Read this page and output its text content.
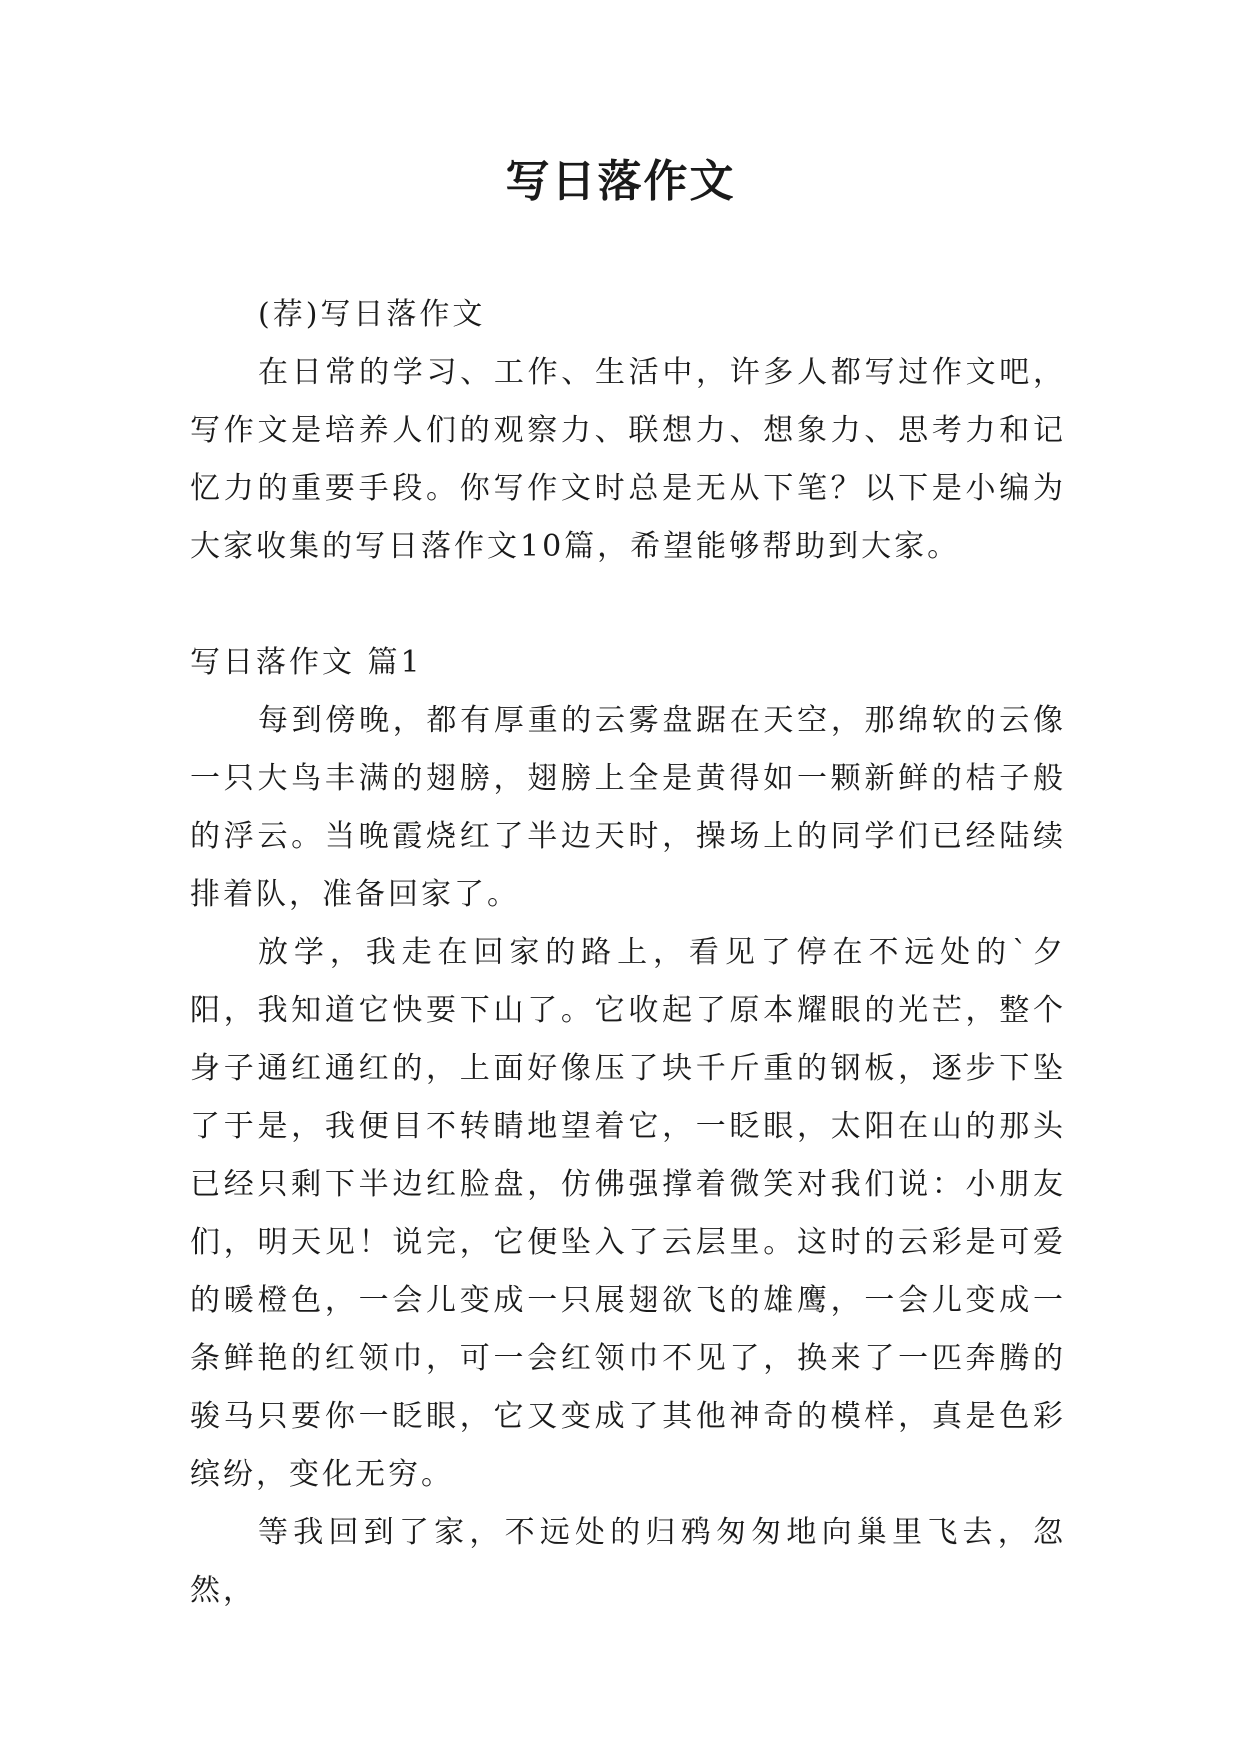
写日落作文

(荐)写日落作文

在日常的学习、工作、生活中，许多人都写过作文吧，写作文是培养人们的观察力、联想力、想象力、思考力和记忆力的重要手段。你写作文时总是无从下笔？以下是小编为大家收集的写日落作文10篇，希望能够帮助到大家。

写日落作文 篇1

每到傍晚，都有厚重的云雾盘踞在天空，那绵软的云像一只大鸟丰满的翅膀，翅膀上全是黄得如一颗新鲜的桔子般的浮云。当晚霞烧红了半边天时，操场上的同学们已经陆续排着队，准备回家了。

放学，我走在回家的路上，看见了停在不远处的`夕阳，我知道它快要下山了。它收起了原本耀眼的光芒，整个身子通红通红的，上面好像压了块千斤重的钢板，逐步下坠了于是，我便目不转睛地望着它，一眨眼，太阳在山的那头已经只剩下半边红脸盘，仿佛强撑着微笑对我们说：小朋友们，明天见！说完，它便坠入了云层里。这时的云彩是可爱的暖橙色，一会儿变成一只展翅欲飞的雄鹰，一会儿变成一条鲜艳的红领巾，可一会红领巾不见了，换来了一匹奔腾的骏马只要你一眨眼，它又变成了其他神奇的模样，真是色彩缤纷，变化无穷。

等我回到了家，不远处的归鸦匆匆地向巢里飞去，忽然，
